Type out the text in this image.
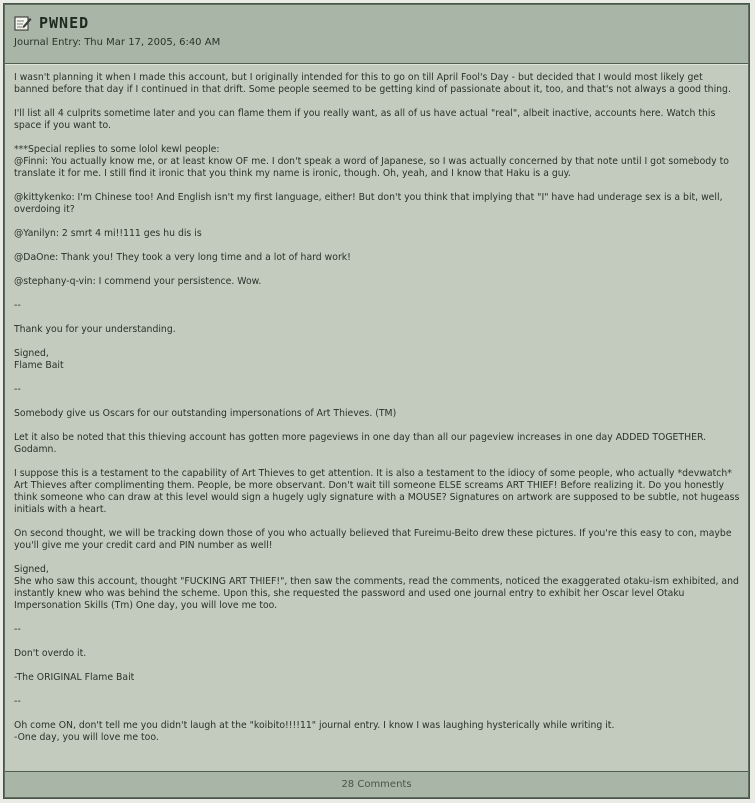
PWNED
Journal Entry: Thu Mar 17, 2005, 6:40 AM

I wasn't planning it when I made this account, but I originally intended for this to go on till April Fool's Day - but decided that I would most likely get banned before that day if I continued in that drift. Some people seemed to be getting kind of passionate about it, too, and that's not always a good thing.

I'll list all 4 culprits sometime later and you can flame them if you really want, as all of us have actual "real", albeit inactive, accounts here. Watch this space if you want to.

***Special replies to some lolol kewl people:
@Finni: You actually know me, or at least know OF me. I don't speak a word of Japanese, so I was actually concerned by that note until I got somebody to translate it for me. I still find it ironic that you think my name is ironic, though. Oh, yeah, and I know that Haku is a guy.

@kittykenko: I'm Chinese too! And English isn't my first language, either! But don't you think that implying that "I" have had underage sex is a bit, well, overdoing it?

@Yanilyn: 2 smrt 4 mi!!111 ges hu dis is

@DaOne: Thank you! They took a very long time and a lot of hard work!

@stephany-q-vin: I commend your persistence. Wow.

--

Thank you for your understanding.

Signed,
Flame Bait

--

Somebody give us Oscars for our outstanding impersonations of Art Thieves. (TM)

Let it also be noted that this thieving account has gotten more pageviews in one day than all our pageview increases in one day ADDED TOGETHER. Godamn.

I suppose this is a testament to the capability of Art Thieves to get attention. It is also a testament to the idiocy of some people, who actually *devwatch* Art Thieves after complimenting them. People, be more observant. Don't wait till someone ELSE screams ART THIEF! Before realizing it. Do you honestly think someone who can draw at this level would sign a hugely ugly signature with a MOUSE? Signatures on artwork are supposed to be subtle, not hugeass initials with a heart.

On second thought, we will be tracking down those of you who actually believed that Fureimu-Beito drew these pictures. If you're this easy to con, maybe you'll give me your credit card and PIN number as well!

Signed,
She who saw this account, thought "FUCKING ART THIEF!", then saw the comments, read the comments, noticed the exaggerated otaku-ism exhibited, and instantly knew who was behind the scheme. Upon this, she requested the password and used one journal entry to exhibit her Oscar level Otaku Impersonation Skills (Tm) One day, you will love me too.

--

Don't overdo it.

-The ORIGINAL Flame Bait

--

Oh come ON, don't tell me you didn't laugh at the "koibito!!!!11" journal entry. I know I was laughing hysterically while writing it.
-One day, you will love me too.

28 Comments
